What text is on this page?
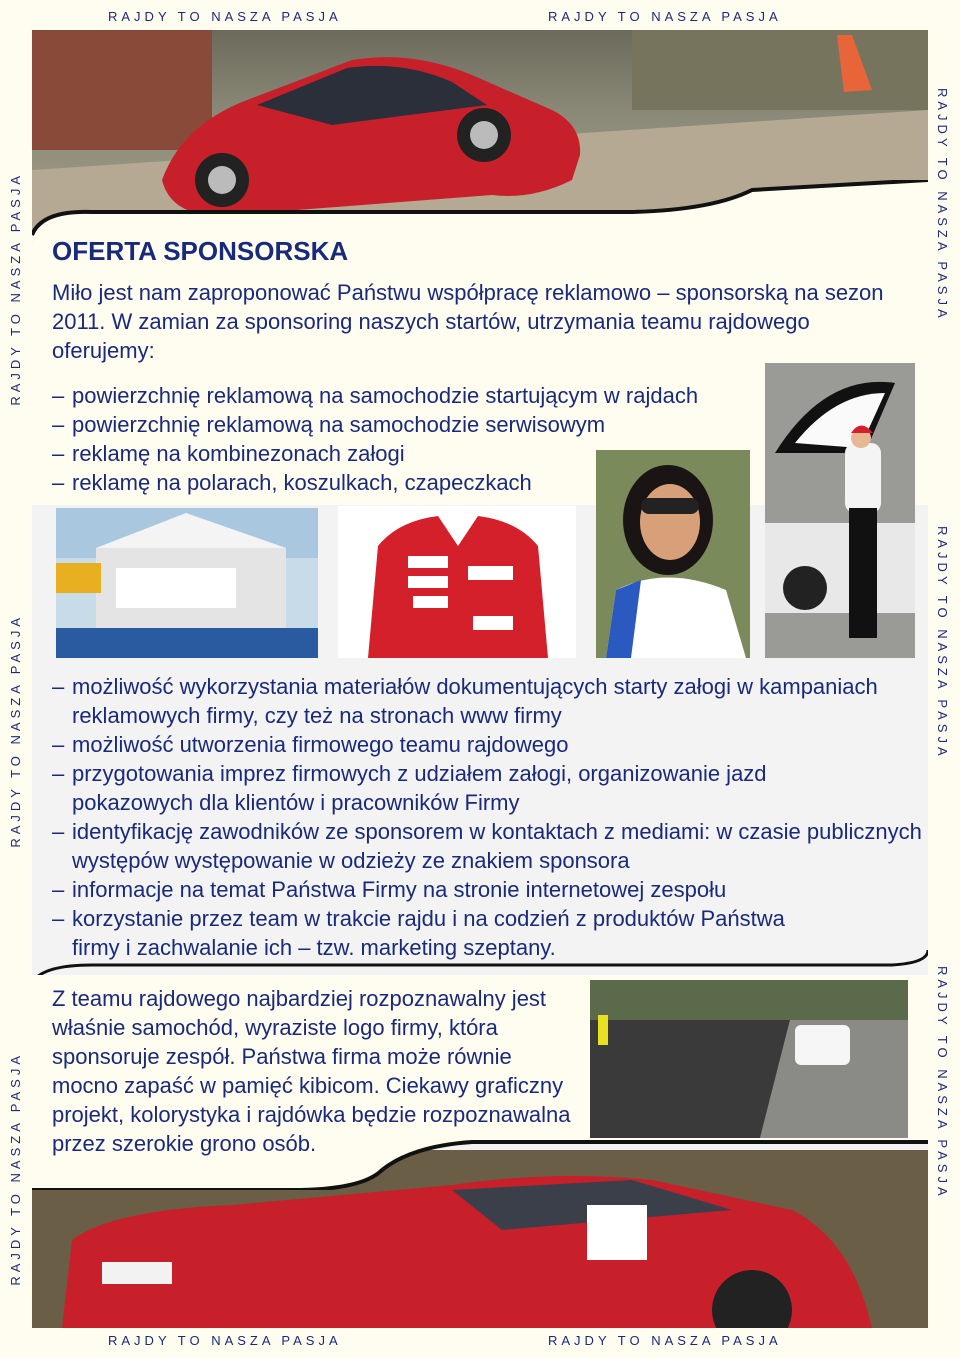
RAJDY TO NASZA PASJA	RAJDY TO NASZA PASJA
RAJDY TO NASZA PASJA	RAJDY TO NASZA PASJA
RAJDY TO NASZA PASJA
RAJDY TO NASZA PASJA
RAJDY TO NASZA PASJA
RAJDY TO NASZA PASJA
RAJDY TO NASZA PASJA
RAJDY TO NASZA PASJA
OFERTA SPONSORSKA

Miło jest nam zaproponować Państwu współpracę reklamowo – sponsorską na sezon 2011. W zamian za sponsoring naszych startów, utrzymania teamu rajdowego oferujemy:

– powierzchnię reklamową na samochodzie startującym w rajdach
– powierzchnię reklamową na samochodzie serwisowym
– reklamę na kombinezonach załogi
– reklamę na polarach, koszulkach, czapeczkach
– możliwość wykorzystania materiałów dokumentujących starty załogi w kampaniach reklamowych firmy, czy też na stronach www firmy
– możliwość utworzenia firmowego teamu rajdowego
– przygotowania imprez firmowych z udziałem załogi, organizowanie jazd pokazowych dla klientów i pracowników Firmy
– identyfikację zawodników ze sponsorem w kontaktach z mediami: w czasie publicznych występów występowanie w odzieży ze znakiem sponsora
– informacje na temat Państwa Firmy na stronie internetowej zespołu
– korzystanie przez team w trakcie rajdu i na codzień z produktów Państwa firmy i zachwalanie ich – tzw. marketing szeptany.

Z teamu rajdowego najbardziej rozpoznawalny jest właśnie samochód, wyraziste logo firmy, która sponsoruje zespół. Państwa firma może równie mocno zapaść w pamięć kibicom. Ciekawy graficzny projekt, kolorystyka i rajdówka będzie rozpoznawalna przez szerokie grono osób.
